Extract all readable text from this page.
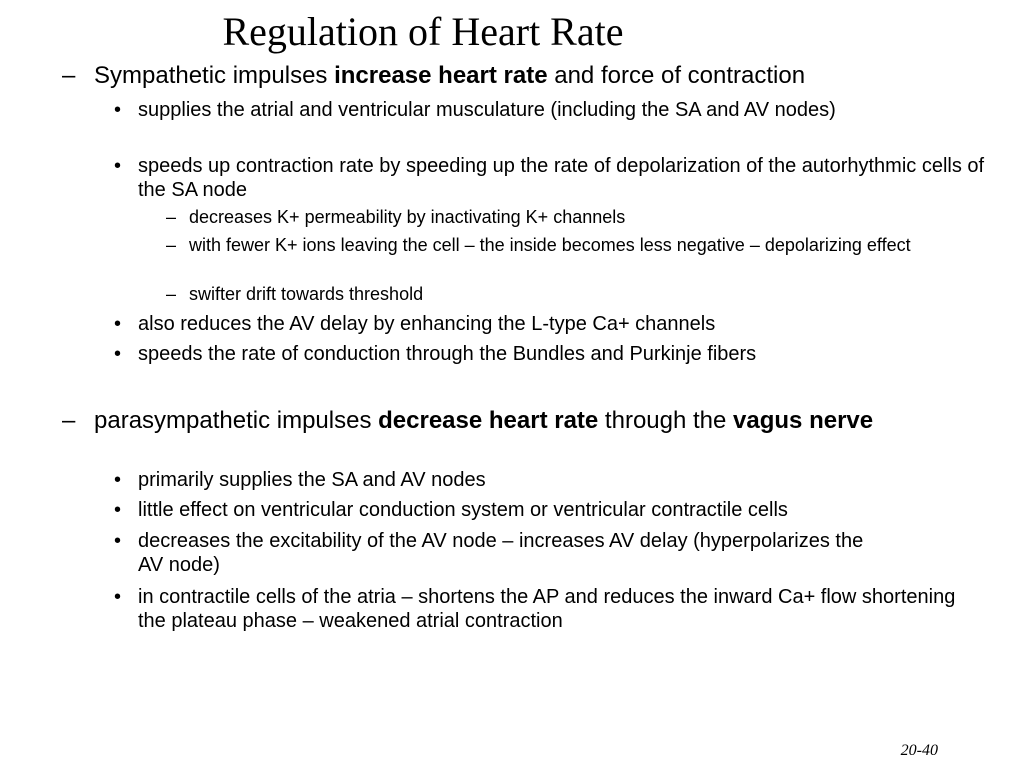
Regulation of Heart Rate
– Sympathetic impulses increase heart rate and force of contraction
• supplies the atrial and ventricular musculature (including the SA and AV nodes)
• speeds up contraction rate by speeding up the rate of depolarization of the autorhythmic cells of the SA node
– decreases K+ permeability by inactivating K+ channels
– with fewer K+ ions leaving the cell – the inside becomes less negative – depolarizing effect
– swifter drift towards threshold
• also reduces the AV delay by enhancing the L-type Ca+ channels
• speeds the rate of conduction through the Bundles and Purkinje fibers
– parasympathetic impulses decrease heart rate through the vagus nerve
• primarily supplies the SA and AV nodes
• little effect on ventricular conduction system or ventricular contractile cells
• decreases the excitability of the AV node – increases AV delay (hyperpolarizes the AV node)
• in contractile cells of the atria – shortens the AP and reduces the inward Ca+ flow shortening the plateau phase – weakened atrial contraction
20-40
